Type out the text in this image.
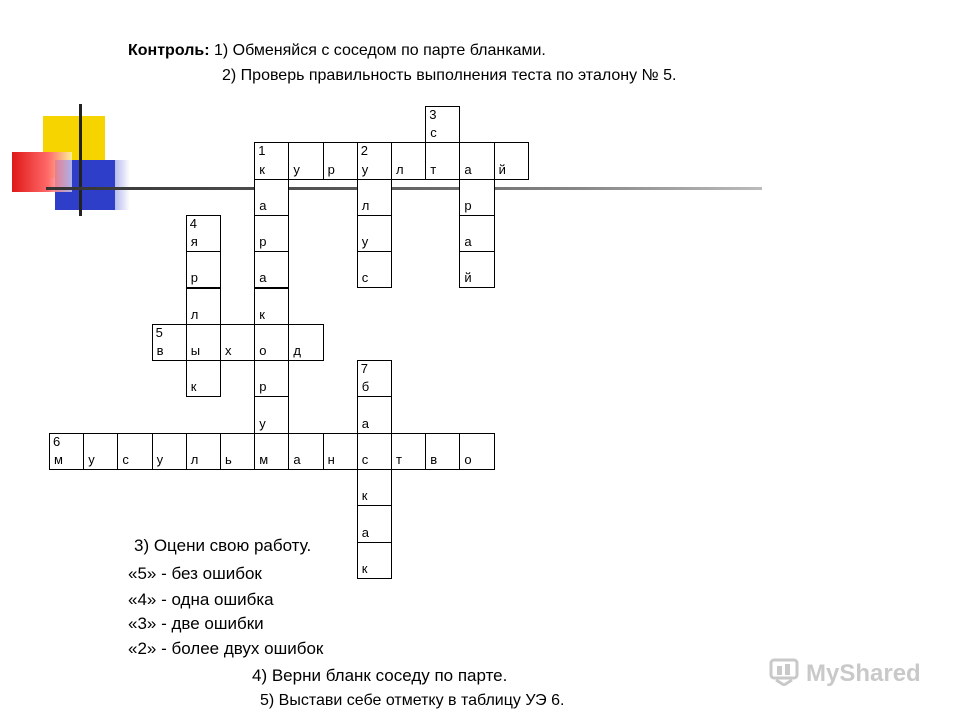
Контроль: 1) Обменяйся с соседом по парте бланками.
2) Проверь правильность выполнения теста по эталону № 5.
3
с
1
к у р
2
у л т а й
а	л	р
4
я	р	у	а
р	а	с	й
л	к
5
в ы х о д
к	р
7
б
у	а
6
м у с у л ь м а н с т в о
к
а
к
3) Оцени свою работу.
«5» - без ошибок
«4» - одна ошибка
«3» - две ошибки
«2» - более двух ошибок
4) Верни бланк соседу по парте.
5) Выстави себе отметку в таблицу УЭ 6.
MyShared
